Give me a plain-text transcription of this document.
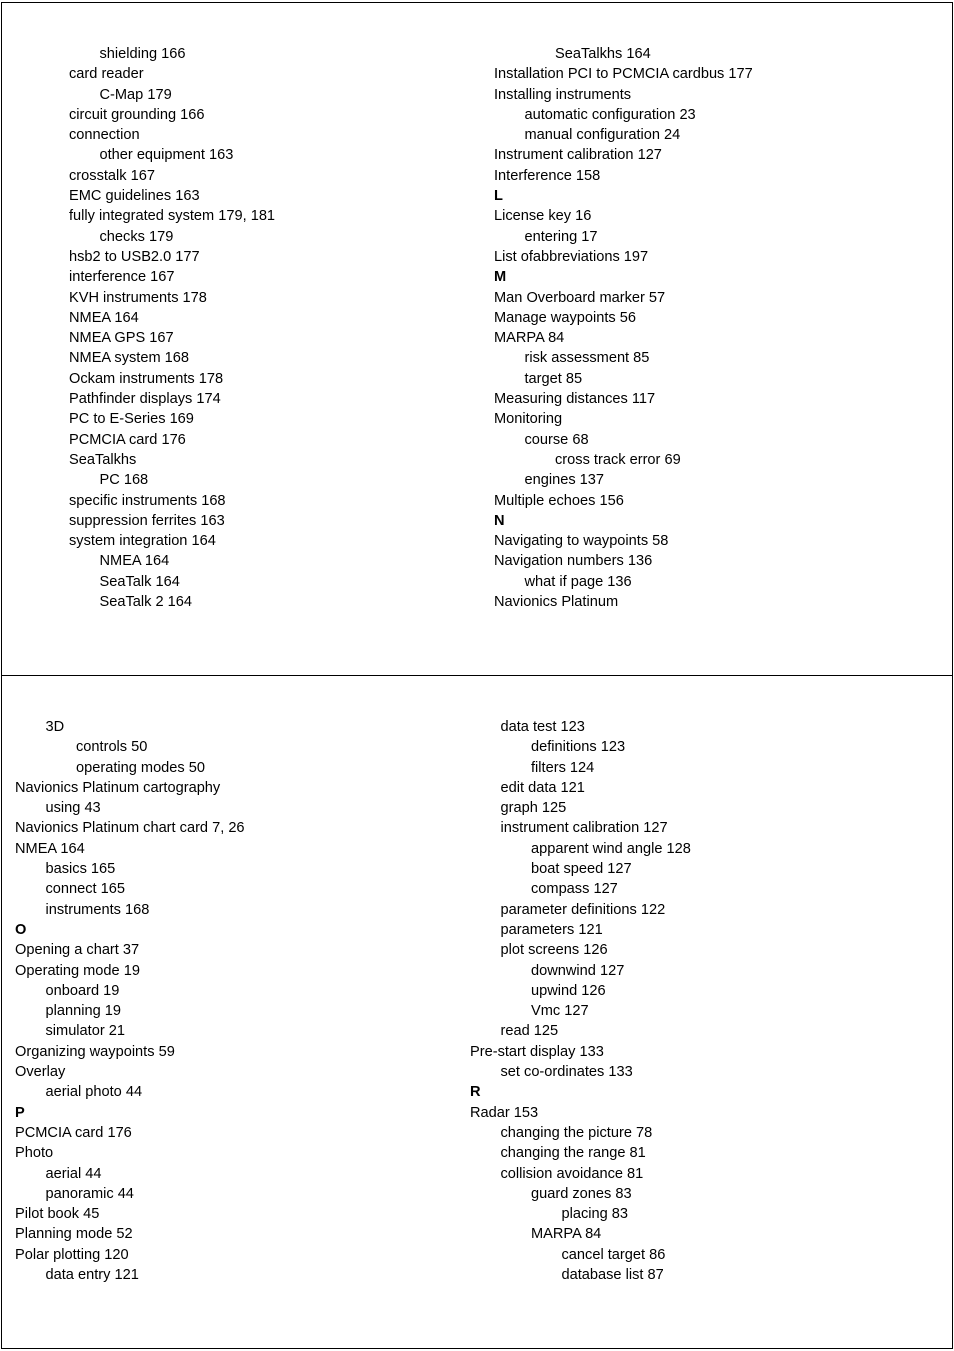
shielding 166
card reader
C-Map 179
circuit grounding 166
connection
other equipment 163
crosstalk 167
EMC guidelines 163
fully integrated system 179, 181
checks 179
hsb2 to USB2.0 177
interference 167
KVH instruments 178
NMEA 164
NMEA GPS 167
NMEA system 168
Ockam instruments 178
Pathfinder displays 174
PC to E-Series 169
PCMCIA card 176
SeaTalkhs
PC 168
specific instruments 168
suppression ferrites 163
system integration 164
NMEA 164
SeaTalk 164
SeaTalk 2 164
SeaTalkhs 164
Installation PCI to PCMCIA cardbus 177
Installing instruments
automatic configuration 23
manual configuration 24
Instrument calibration 127
Interference 158
L
License key 16
entering 17
List ofabbreviations 197
M
Man Overboard marker 57
Manage waypoints 56
MARPA 84
risk assessment 85
target 85
Measuring distances 117
Monitoring
course 68
cross track error 69
engines 137
Multiple echoes 156
N
Navigating to waypoints 58
Navigation numbers 136
what if page 136
Navionics Platinum
3D
controls 50
operating modes 50
Navionics Platinum cartography
using 43
Navionics Platinum chart card 7, 26
NMEA 164
basics 165
connect 165
instruments 168
O
Opening a chart 37
Operating mode 19
onboard 19
planning 19
simulator 21
Organizing waypoints 59
Overlay
aerial photo 44
P
PCMCIA card 176
Photo
aerial 44
panoramic 44
Pilot book 45
Planning mode 52
Polar plotting 120
data entry 121
data test 123
definitions 123
filters 124
edit data 121
graph 125
instrument calibration 127
apparent wind angle 128
boat speed 127
compass 127
parameter definitions 122
parameters 121
plot screens 126
downwind 127
upwind 126
Vmc 127
read 125
Pre-start display 133
set co-ordinates 133
R
Radar 153
changing the picture 78
changing the range 81
collision avoidance 81
guard zones 83
placing 83
MARPA 84
cancel target 86
database list 87
